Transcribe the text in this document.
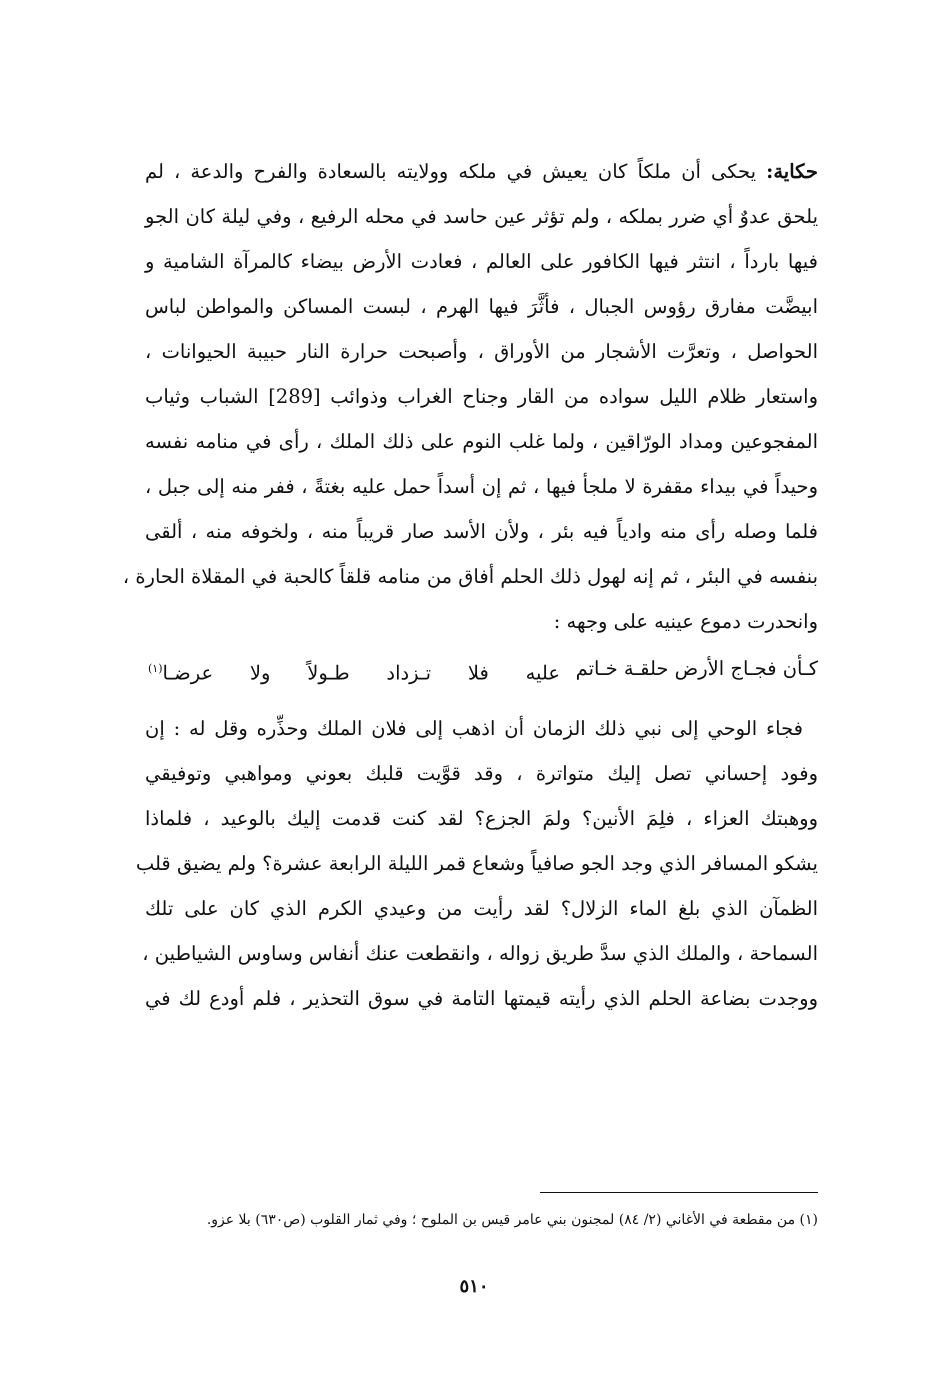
حكاية: يحكى أن ملكاً كان يعيش في ملكه وولايته بالسعادة والفرح والدعة ، لم
يلحق عدوٌ أي ضرر بملكه ، ولم تؤثر عين حاسد في محله الرفيع ، وفي ليلة كان الجو
فيها بارداً ، انتثر فيها الكافور على العالم ، فعادت الأرض بيضاء كالمرآة الشامية و
ابيضَّت مفارق رؤوس الجبال ، فأثَّرَ فيها الهرم ، لبست المساكن والمواطن لباس
الحواصل ، وتعرَّت الأشجار من الأوراق ، وأصبحت حرارة النار حبيبة الحيوانات ،
واستعار ظلام الليل سواده من القار وجناح الغراب وذوائب [289] الشباب وثياب
المفجوعين ومداد الورّاقين ، ولما غلب النوم على ذلك الملك ، رأى في منامه نفسه
وحيداً في بيداء مقفرة لا ملجأ فيها ، ثم إن أسداً حمل عليه بغتةً ، ففر منه إلى جبل ،
فلما وصله رأى منه وادياً فيه بئر ، ولأن الأسد صار قريباً منه ، ولخوفه منه ، ألقى
بنفسه في البئر ، ثم إنه لهول ذلك الحلم أفاق من منامه قلقاً كالحبة في المقلاة الحارة ،
وانحدرت دموع عينيه على وجهه :
كـأن فجـاج الأرض حلقـة خـاتم
عليه فلا تـزداد طـولاً ولا عرضـا$^{(١)}$
فجاء الوحي إلى نبي ذلك الزمان أن اذهب إلى فلان الملك وحذِّره وقل له : إن
وفود إحساني تصل إليك متواترة ، وقد قوَّيت قلبك بعوني ومواهبي وتوفيقي
ووهبتك العزاء ، فلِمَ الأنين؟ ولمَ الجزع؟ لقد كنت قدمت إليك بالوعيد ، فلماذا
يشكو المسافر الذي وجد الجو صافياً وشعاع قمر الليلة الرابعة عشرة؟ ولم يضيق قلب
الظمآن الذي بلغ الماء الزلال؟ لقد رأيت من وعيدي الكرم الذي كان على تلك
السماحة ، والملك الذي سدَّ طريق زواله ، وانقطعت عنك أنفاس وساوس الشياطين ،
ووجدت بضاعة الحلم الذي رأيته قيمتها التامة في سوق التحذير ، فلم أودع لك في
(١) من مقطعة في الأغاني (٢/ ٨٤) لمجنون بني عامر قيس بن الملوح ؛ وفي ثمار القلوب (ص٦٣٠) بلا عزو.
٥١٠
